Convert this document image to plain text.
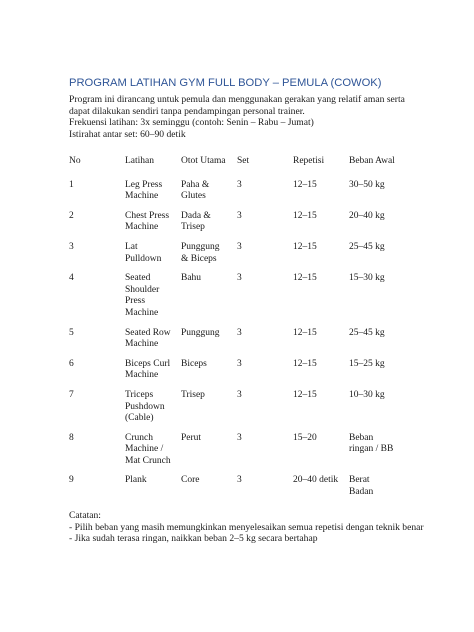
PROGRAM LATIHAN GYM FULL BODY – PEMULA (COWOK)

Program ini dirancang untuk pemula dan menggunakan gerakan yang relatif aman serta dapat dilakukan sendiri tanpa pendampingan personal trainer.

Frekuensi latihan: 3x seminggu (contoh: Senin – Rabu – Jumat)

Istirahat antar set: 60–90 detik

No	Latihan	Otot Utama	Set	Repetisi	Beban Awal
1	Leg Press Machine	Paha & Glutes	3	12–15	30–50 kg

2	Chest Press Machine	Dada & Trisep	3	12–15	20–40 kg

3	Lat Pulldown	Punggung & Biceps	3	12–15	25–45 kg

4	Seated Shoulder Press Machine	Bahu	3	12–15	15–30 kg

5	Seated Row Machine	Punggung	3	12–15	25–45 kg

6	Biceps Curl Machine	Biceps	3	12–15	15–25 kg

7	Triceps Pushdown (Cable)	Trisep	3	12–15	10–30 kg

8	Crunch Machine / Mat Crunch	Perut	3	15–20	Beban ringan / BB

9	Plank	Core	3	20–40 detik	Berat Badan

Catatan:

- Pilih beban yang masih memungkinkan menyelesaikan semua repetisi dengan teknik benar

- Jika sudah terasa ringan, naikkan beban 2–5 kg secara bertahap
